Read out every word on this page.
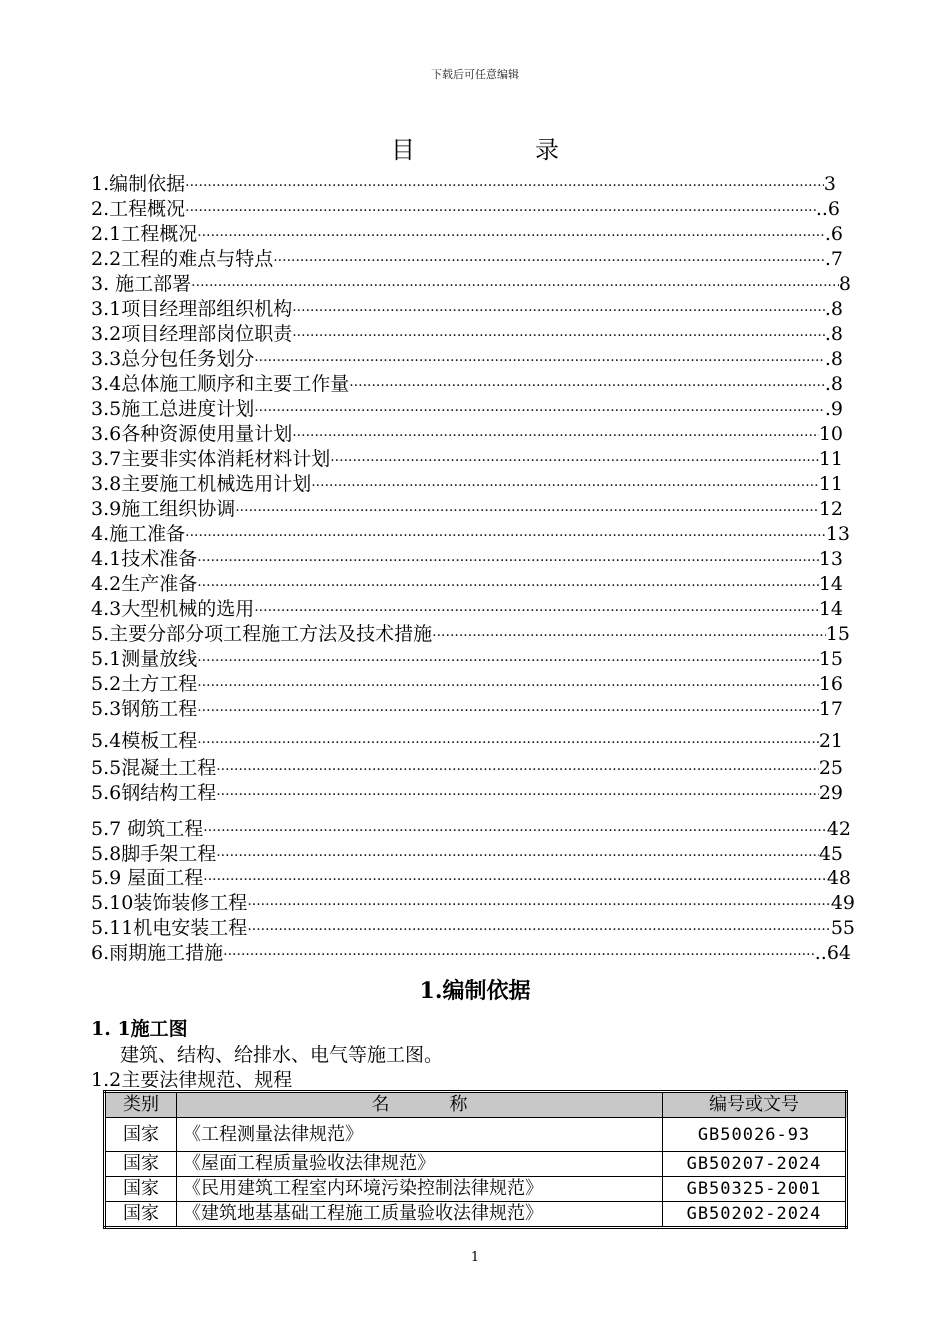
下载后可任意编辑
目录
1.编制依据 ·····	3
2.工程概况 ·····	..6
2.1工程概况 ·····	.6
2.2工程的难点与特点 ·····	.7
3. 施工部署 ·····	8
3.1项目经理部组织机构 ·····	.8
3.2项目经理部岗位职责 ·····	.8
3.3总分包任务划分 ·····	.8
3.4总体施工顺序和主要工作量 ·····	.8
3.5施工总进度计划 ·····	.9
3.6各种资源使用量计划 ·····	10
3.7主要非实体消耗材料计划 ·····	11
3.8主要施工机械选用计划 ·····	11
3.9施工组织协调 ·····	12
4.施工准备 ·····	13
4.1技术准备 ·····	13
4.2生产准备 ·····	14
4.3大型机械的选用 ·····	14
5.主要分部分项工程施工方法及技术措施 ·····	15
5.1测量放线 ·····	15
5.2土方工程 ·····	16
5.3钢筋工程 ·····	17
5.4模板工程 ·····	21
5.5混凝土工程 ·····	25
5.6钢结构工程 ·····	29
5.7 砌筑工程 ·····	42
5.8脚手架工程 ·····	45
5.9 屋面工程 ·····	48
5.10装饰装修工程 ·····	49
5.11机电安装工程 ·····	55
6.雨期施工措施 ·····	..64
1.编制依据
1. 1施工图
建筑、结构、给排水、电气等施工图。
1.2主要法律规范、规程
类别	名称	编号或文号
国家	《工程测量法律规范》	GB50026-93
国家	《屋面工程质量验收法律规范》	GB50207-2024
国家	《民用建筑工程室内环境污染控制法律规范》	GB50325-2001
国家	《建筑地基基础工程施工质量验收法律规范》	GB50202-2024
1
